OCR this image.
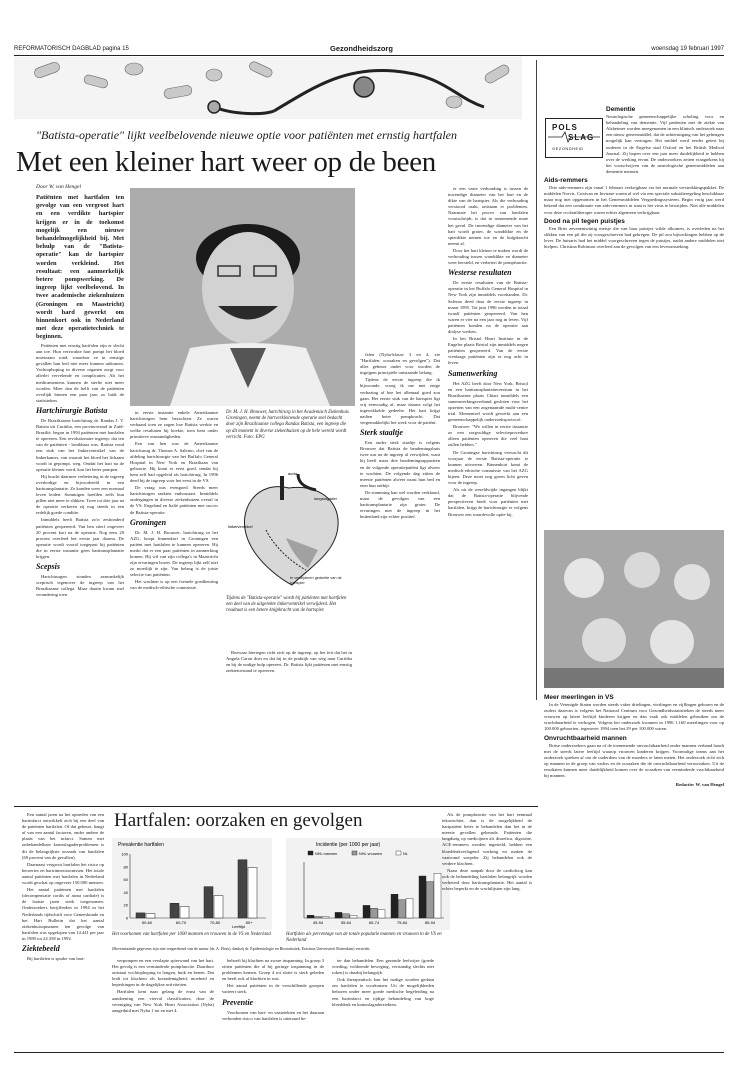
REFORMATORISCH DAGBLAD pagina 15	Gezondheidszorg	woensdag 19 februari 1997
"Batista-operatie" lijkt veelbelovende nieuwe optie voor patiënten met ernstig hartfalen
Met een kleiner hart weer op de been
Door W. van Hengel
Patiënten met hartfalen ten gevolge van een vergroot hart en een verdikte hartspier krijgen er in de toekomst mogelijk een nieuwe behandelmogelijkheid bij. Met behulp van de "Batista-operatie" kan de hartspier worden verkleind. Het resultaat: een aanmerkelijk betere pompwerking. De ingreep lijkt veelbelovend. In twee academische ziekenhuizen (Groningen en Maastricht) wordt hard gewerkt om binnenkort ook in Nederland met deze operatietechniek te beginnen.

Patiënten met ernstig hartfalen zijn er slecht aan toe. Hun verzwakte hart pompt het bloed moeizaam rond, waardoor ze in ernstige gevallen hun bed niet meer kunnen uitkomen. Vochtophoping in diverse organen zorgt voor allerlei vervelende en complicaties. Als het medicamenteus kunnen de sterfte niet meer worden. Meer dan de helft van de patiënten overlijdt binnen een paar jaar, zo luidt de statistieken.

Hartchirurgie Batista

De Braziliaanse hartchirurg dr. Randas J. V. Batista uit Curitiba, een provinciestad in Zuid-Brazilië, begon in 1994 patiënten met hartfalen te opereren. Een revolutionaire ingreep: dat ten van de patiënten - bruikbaar was. Batista vond een stuk van het linkerventrikel van de linkerkamer, van waaruit het bloed het lichaam wordt in gepompt, weg. Omdat het hart na de operatie kleiner werd, kon het beter pompen.

Hij bracht daarmee verbetering in de ingreep overbodige en bijvoorbeeld in een harttransplantatie. Ze konden weer een normaal leven leiden. Sommigen hoefden zelfs hun pillen niet meer te slikken. Twee tot drie jaar na de operatie verkeren zij nog steeds in een redelijk goede conditie.

Inmiddels heeft Batista zo'n zeshonderd patiënten geopereerd. Van hen stierf ongeveer 20 procent kort na de operatie. Nog eens 20 procent overleed het eerste jaar daarna. De operatie wordt vooral toegepast bij patiënten die in eerste instantie geen harttransplantatie krijgen.

Scepsis

Hartchirurgen stonden aanvankelijk sceptisch tegenover de ingreep van het Braziliaanse collega. Maar daarin kwam snel verandering toen

in eerste instantie enkele Amerikaanse hartchirurgen hem bezochten. Ze waren verbaasd toen ze zagen hoe Batista werkte en welke resultaten hij boekte, toen hem onder primitieve omstandigheden.

Een van hen was de Amerikaanse hartchirurg dr. Thomas A. Salerno, chef van de afdeling hartchirurgie van het Buffalo General Hospital in New York en Braziliaan van geboorte. Hij komt er eerst goed, omdat hij hem zelf had opgeleid als hartchirurg. In 1996 deed hij de ingreep voor het eerst in de VS.

De vraag was evengoed. Steeds meer hartchirurgen raakten enthousiast. Inmiddels ondergingen in diverse ziekenhuizen overal in de VS, Engeland en Italië patiënten met succes de Batista-operatie.

Groningen

Dr. M. J. H. Brouwer, hartchirurg in het AZG, hoopt binnenkort in Groningen een patiënt met hartfalen te kunnen opereren. Hij merkt dat er een paar patiënten in aanmerking komen. Hij wil van zijn collega's in Maastricht zijn ervaringen horen. De ingreep lijkt zelf niet zo moeilijk te zijn. Van belang is de juiste selectie van patiënten.

Het wachten is op een formele goedkeuring van de medisch-ethische commissie.

Dr. M. J. H. Brouwer, hartchirurg in het Academisch Ziekenhuis Groningen, neemt de hartverkleinende operatie snel bedacht door zijn Braziliaanse collega Randas Batista, een ingreep die op dit moment in diverse ziekenhuizen op de hele wereld wordt verricht. Foto: EPG
aorta
longslagader
linkerventrikel
te verwijderen gedeelte van de hartspier
Tijdens de "Batista-operatie" wordt bij patiënten met hartfalen een deel van de uitgerekte linkerventrikel verwijderd. Het resultaat is een betere knijpkracht van de hartspier.

Bezwaar hiertegen richt zich op de ingreep, op het feit dat het in Angola Caron doet en dat hij in de praktijk van weg naar Curitiba en bij de nodige hulp opereert. Dr. Batista lijkt patiënten met ernstig ziektetoestand te opereren.

falen (Nyha-klasse 3 en 4, zie "Hartfalen: oorzaken en gevolgen"). Dat alles gebeurt onder voor worden de ingrijpen principiële ontstaande belang.

Tijdens de eerste ingreep die ik bijwoonde, vroeg ik me met enige verbazing af hoe het allemaal goed zou gaan. Het eerste stuk van de hartspier ligt vrij eenvoudig af, maar daarna volgt het ingewikkelde gedeelte. Het hart krijgt nadien beter pompkracht. Dat vergemakkelijkt het werk voor de patiënt.

Sterk staaltje

Een onder sterk staaltje is volgens Brouwer dat Batista de beademingsbuis twee uur na de ingreep al verwijdert, want hij heeft maar drie beademingsapparaten en de volgende operatiepatiënt ligt alweer te wachten. De volgende dag zitten de meeste patiënten alweer naast hun bed en eten hun ontbijt.

De stamming kan wel worden verklaard, maar de gevolgen van een harttransplantatie zijn groter. De ervaringen met de ingreep in het buitenland zijn echter positief.

er een vaste verhouding is tussen de inwendige diameter van het hart en de dikte van de hartspier. Als die verhouding verstoord raakt, ontstaan er problemen. Naarmate het proces van hartfalen voortschrijdt, is dat in toenemende mate het geval. De inwendige diameter van het hart wordt groter, de wanddikte en de spierdikte nemen toe en de knijpkracht neemt af.

Door het hart kleiner te maken wordt de verhouding tussen wanddikte en diameter weer hersteld, en verbetert de pompfunctie.

Westerse resultaten

De eerste resultaten van de Batista-operatie in het Buffalo General Hospital in New York zijn inmiddels voorhanden. Dr. Salerno deed daar de eerste ingreep in maart 1995. Tot juni 1996 werden in totaal twaalf patiënten geopereerd. Van hen waren er vier na een jaar nog in leven. Vijf patiënten konden na de operatie aan dialyse werken.

In het Bristol Heart Institute in de Engelse plaats Bristol zijn inmiddels negen patiënten geopereerd. Van de eerste vierdaags patiënten zijn er nog acht in leven.

Samenwerking

Het AZG heeft door New York, Bristol en een harttransplantatiecentrum in het Braziliaanse plaats Chiari inmiddels een samenwerkingsverband gesloten voor het opzetten van een zogenaamde multi-centre trial. Momenteel wordt gewerkt aan een gemeenschappelijk onderzoeksprotocol.

Brouwer: "We willen in eerste instantie zo een zorgvuldige selectieprocedure alleen patiënten opereren die veel baat zullen hebben."

De Groningse hartchirurg verwacht dit voorjaar de eerste Batista-operatie te kunnen uitvoeren. Binnenkort komt de medisch-ethische commissie van het AZG bijeen. Deze moet nog groen licht geven voor de ingreep.

Als uit de wereldwijde ingangen blijkt dat de Batista-operatie blijvende perspectieven biedt voor patiënten met hartfalen, krijgt de hartchirurgie er volgens Brouwer een waardevolle optie bij.

POLS
SLAG
GEZONDHEID
Dementie

Neurologische gemeenschappelijke scholing voor en behandeling van dementie. Vijf patiënten met de ziekte van Alzheimer worden meegenomen in een klinisch onderzoek naar een nieuw geneesmiddel, dat de achteruitgang van het geheugen mogelijk kan vertragen. Het middel werd eerder getest bij ouderen in de Engelse stad Oxford en het British Medical Journal. Zij hopen over een jaar meer duidelijkheid te hebben over de werking ervan. De onderzoekers zetten vraagtekens bij het voorschrijven van de neurologische geneesmiddelen aan dementie mensen.

Aids-remmers

Drie aids-remmers zijn vanaf 1 februari verkrijgbaar via het normale verstrekkingspakket. De middelen Norvir, Crixivan en Invirase waren al wel via een speciale subsidieregeling beschikbaar maar nog niet opgenomen in het Geneesmiddelen Vergoedingssysteem. Begin vorig jaar werd bekend dat een combinatie van aids-remmers in staat is het virus te bestrijden. Niet alle middelen voor deze cocktailtherapie waren echter algemeen verkrijgbaar.

Dood na pil tegen puistjes

Een Brits zevenentwintig meisje die van haar puistjes wilde afkomen, is overleden na het slikken van een pil die zij voorgeschreven had gekregen. De pil zou bijwerkingen hebben op de lever. De huisarts had het middel voorgeschreven tegen de puistjes, nadat andere middelen niet hielpen. Christina Robinson overleed aan de gevolgen van een leverontsteking.

Meer meerlingen in VS

In de Verenigde Staten worden steeds vaker drielingen, vierlingen en vijflingen geboren en de ouders daarvan is volgens het National Centrum voor Gezondheidsstatistieken de steeds meer vrouwen op latere leeftijd kinderen krijgen en dan vaak ook middelen gebruiken om de vruchtbaarheid te verhogen. Volgens het onderzoek kwamen in 1996 1.160 meerlingen voor op 100.000 geboorten, tegenover 1994 toen het 29 per 100.000 waren.

Onvruchtbaarheid mannen

Britse onderzoekers gaan na of de toenemende onvruchtbaarheid onder mannen verband houdt met de steeds latere leeftijd waarop vrouwen kinderen krijgen. Voormalige teams aan het onderzoek spreken af om de ouderdom van de moeders te laten meten. Het onderzoek richt zich op mannen in de groep van vaders en de oorzaken die de onvruchtbaarheid veroorzaken. Uit de resultaten kunnen meer duidelijkheid komen over de oorzaken van verminderde vruchtbaarheid bij mannen.

Redactie: W. van Hengel

Hartfalen: oorzaken en gevolgen

Een aantal jaren na het optreden van een hartinfarct ontwikkelt zich bij een deel van de patiënten hartfalen. Of dat gebeurt, hangt af van een aantal factoren, onder andere de plaats van het infarct. Samen met onbehandelbare kransslagaderproblemen is dit de belangrijkste oorzaak van hartfalen (69 procent van de gevallen).

Daarnaast vergroot hartfalen het risico op beroertes en hartritmestoornissen. Het totale aantal patiënten met hartfalen in Nederland wordt geschat op ongeveer 150.000 mensen.

Het aantal patiënten met hartfalen (decompensatie cordis of asma cardiale) is de laatste jaren sterk toegenomen. Onderzoekers berijfferden in 1994 in het Nederlands tijdschrift voor Geneeskunde en het Hart Bulletin dat het aantal ziekenhuisopnamen ten gevolge van hartfalen was opgelopen van 14.441 per jaar in 1980 tot 24.358 in 1992.

Ziektebeeld

Bij hartfalen is sprake van hart-

Prevalentie hartfalen
Leeftijd
0
20
40
60
80
100
50-60	60-70	70-80	80+
Het voorkomen van hartfalen per 1000 mannen en vrouwen in de VS en Nederland
Incidentie (per 1000 per jaar)
NHL mannen	NHL vrouwen	NL
45-54	55-64	65-74	75-84	85-94
Hartfalen als percentage van de totale populatie mannen en vrouwen in de VS en Nederland
(Bovenstaande gegevens zijn niet toegerekend van de auteur (dr. A. Hoes), dankzij dr. Epidemiologie en Biostatistiek, Erasmus Universiteit Rotterdam) verstrekt.

verpompen en een verslapte spierwand van het hart. Het gevolg is een verminderde pompfunctie. Daardoor ontstaat vochtophoping in longen, buik en benen. Dat leidt tot klachten als kortademigheid, moeheid en beperkingen in de dagelijkse activiteiten.

Hartfalen kent naar gelang de ernst van de aandoening een vierval classificaties, door de vereniging van New York Heart Association (Nyha) aangeduid met Nyha 1 tot en met 4.

behoeft bij klachten na zware inspanning. In groep 3 zitten patiënten die al bij geringe inspanning in de problemen komen. Groep 4 tot slotte is sterk geleden en heeft ook al klachten in rust.

Het aantal patiënten in de verschillende groepen varieert sterk.

Preventie

Voorkomen van hart- en vaatziekten en het daaraan verbonden risico van hartfalen is uiteraard be-

ter dan behandelen. Een gezonde leefwijze (goede voeding, voldoende beweging, verstandig slechts niet roken) is daarbij belangrijk.

Ook therapeutisch kan het nodige worden gedaan om hartfalen te voorkomen. Uit de mogelijkheden behoren onder meer goede medische begeleiding na een hartinfarct en tijdige behandeling van hoge bloeddruk en kransslagaderziekten.

Als de pompfunctie van het hart eenmaal tekortschiet, dan is de mogelijkheid de hartpatiënt beter te behandelen dan het in de meeste gevallen gebeurde. Patiënten die langdurig op medicijnen als diuretica, digoxine, ACE-remmers worden ingesteld, hebben een bloeddrukverlagend werking en maken de vaatwand soepeler. Zij behandelen ook de verdere klachten.

Naast deze aanpak door de cardioloog kan ook de behandeling hartfalen belangrijk worden verbeterd door harttransplantatie. Het aantal is echter beperkt en de wachtlijsten zijn lang.
